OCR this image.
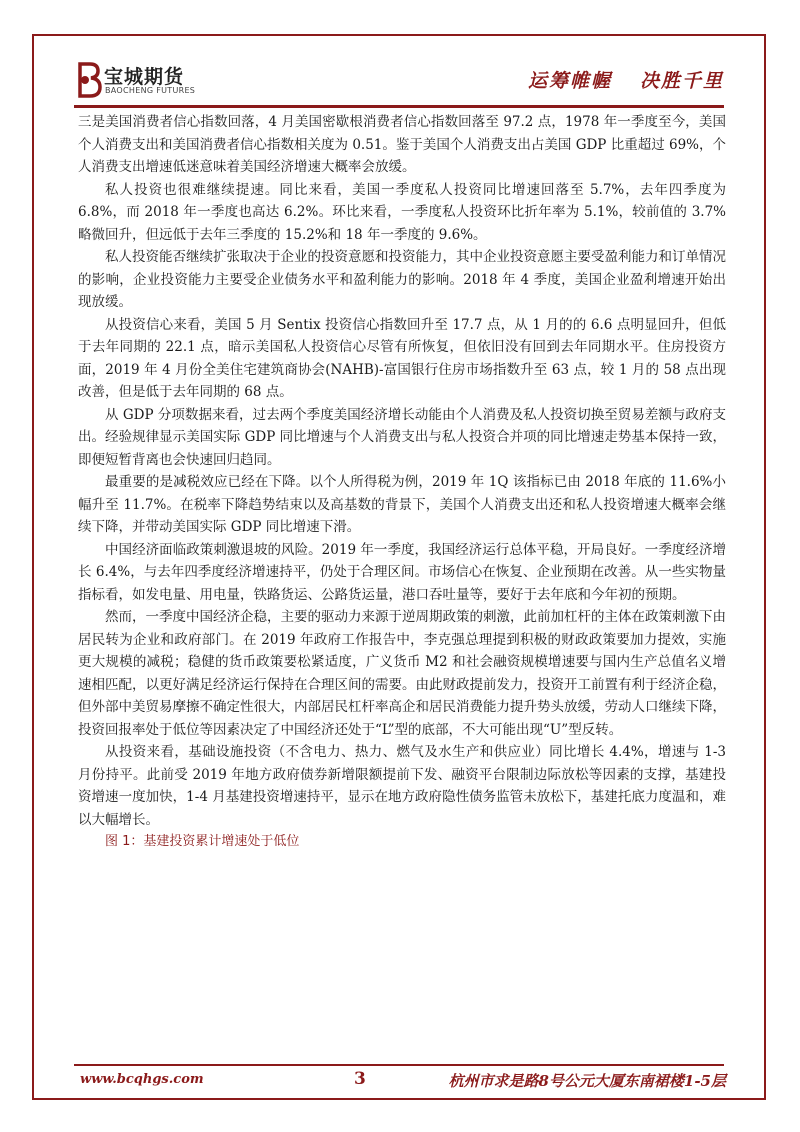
宝城期货
BAOCHENG FUTURES	运筹帷幄 决胜千里

三是美国消费者信心指数回落，4 月美国密歇根消费者信心指数回落至 97.2 点，1978 年一季度至今，美国个人消费支出和美国消费者信心指数相关度为 0.51。鉴于美国个人消费支出占美国 GDP 比重超过 69%，个人消费支出增速低迷意味着美国经济增速大概率会放缓。

私人投资也很难继续提速。同比来看，美国一季度私人投资同比增速回落至 5.7%，去年四季度为 6.8%，而 2018 年一季度也高达 6.2%。环比来看，一季度私人投资环比折年率为 5.1%，较前值的 3.7%略微回升，但远低于去年三季度的 15.2%和 18 年一季度的 9.6%。

私人投资能否继续扩张取决于企业的投资意愿和投资能力，其中企业投资意愿主要受盈利能力和订单情况的影响，企业投资能力主要受企业债务水平和盈利能力的影响。2018 年 4 季度，美国企业盈利增速开始出现放缓。

从投资信心来看，美国 5 月 Sentix 投资信心指数回升至 17.7 点，从 1 月的的 6.6 点明显回升，但低于去年同期的 22.1 点，暗示美国私人投资信心尽管有所恢复，但依旧没有回到去年同期水平。住房投资方面，2019 年 4 月份全美住宅建筑商协会(NAHB)-富国银行住房市场指数升至 63 点，较 1 月的 58 点出现改善，但是低于去年同期的 68 点。

从 GDP 分项数据来看，过去两个季度美国经济增长动能由个人消费及私人投资切换至贸易差额与政府支出。经验规律显示美国实际 GDP 同比增速与个人消费支出与私人投资合并项的同比增速走势基本保持一致，即便短暂背离也会快速回归趋同。

最重要的是减税效应已经在下降。以个人所得税为例，2019 年 1Q 该指标已由 2018 年底的 11.6%小幅升至 11.7%。在税率下降趋势结束以及高基数的背景下，美国个人消费支出还和私人投资增速大概率会继续下降，并带动美国实际 GDP 同比增速下滑。

中国经济面临政策刺激退坡的风险。2019 年一季度，我国经济运行总体平稳，开局良好。一季度经济增长 6.4%，与去年四季度经济增速持平，仍处于合理区间。市场信心在恢复、企业预期在改善。从一些实物量指标看，如发电量、用电量，铁路货运、公路货运量，港口吞吐量等，要好于去年底和今年初的预期。

然而，一季度中国经济企稳，主要的驱动力来源于逆周期政策的刺激，此前加杠杆的主体在政策刺激下由居民转为企业和政府部门。在 2019 年政府工作报告中，李克强总理提到积极的财政政策要加力提效，实施更大规模的减税；稳健的货币政策要松紧适度，广义货币 M2 和社会融资规模增速要与国内生产总值名义增速相匹配，以更好满足经济运行保持在合理区间的需要。由此财政提前发力，投资开工前置有利于经济企稳，但外部中美贸易摩擦不确定性很大，内部居民杠杆率高企和居民消费能力提升势头放缓，劳动人口继续下降，投资回报率处于低位等因素决定了中国经济还处于“L”型的底部，不大可能出现“U”型反转。

从投资来看，基础设施投资（不含电力、热力、燃气及水生产和供应业）同比增长 4.4%，增速与 1-3 月份持平。此前受 2019 年地方政府债券新增限额提前下发、融资平台限制边际放松等因素的支撑，基建投资增速一度加快，1-4 月基建投资增速持平，显示在地方政府隐性债务监管未放松下，基建托底力度温和，难以大幅增长。

图 1：基建投资累计增速处于低位

www.bcqhgs.com	3	杭州市求是路8号公元大厦东南裙楼1-5层
